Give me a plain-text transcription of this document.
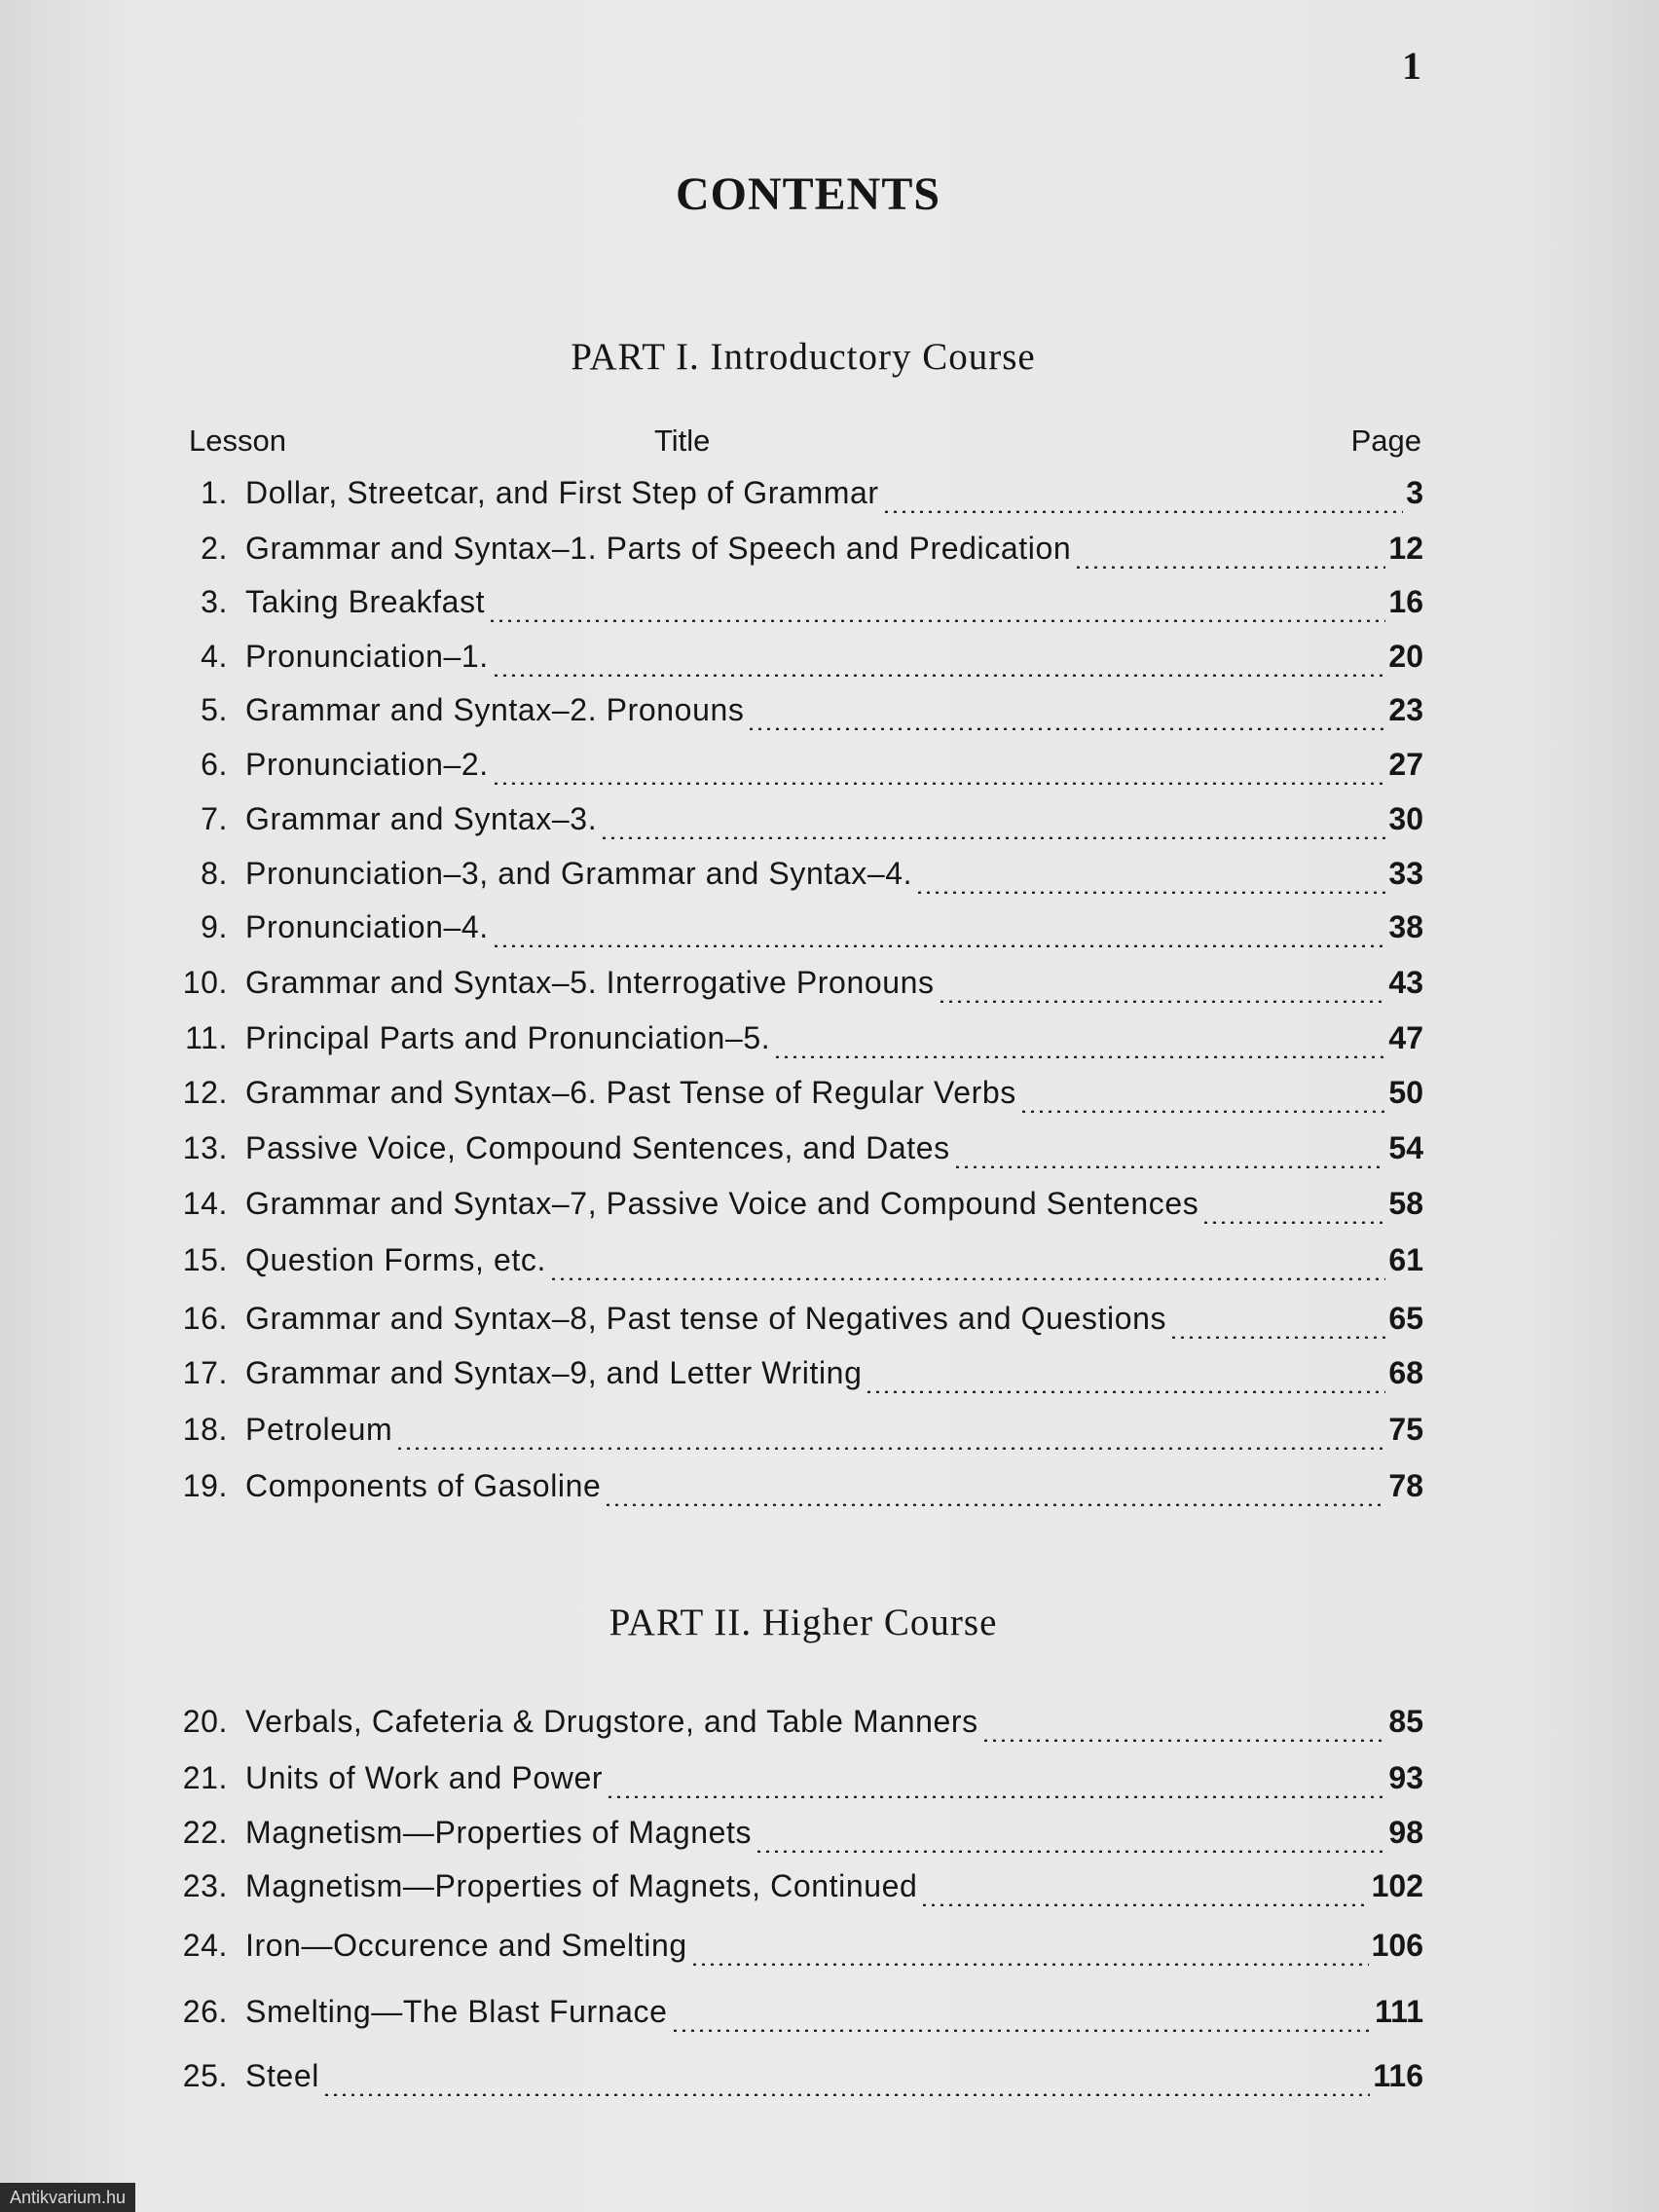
1
CONTENTS
PART I. Introductory Course
Lesson	Title	Page
1. Dollar, Streetcar, and First Step of Grammar	3
2. Grammar and Syntax–1. Parts of Speech and Predication	12
3. Taking Breakfast	16
4. Pronunciation–1.	20
5. Grammar and Syntax–2. Pronouns	23
6. Pronunciation–2.	27
7. Grammar and Syntax–3.	30
8. Pronunciation–3, and Grammar and Syntax–4.	33
9. Pronunciation–4.	38
10. Grammar and Syntax–5. Interrogative Pronouns	43
11. Principal Parts and Pronunciation–5.	47
12. Grammar and Syntax–6. Past Tense of Regular Verbs	50
13. Passive Voice, Compound Sentences, and Dates	54
14. Grammar and Syntax–7, Passive Voice and Compound Sentences	58
15. Question Forms, etc.	61
16. Grammar and Syntax–8, Past tense of Negatives and Questions	65
17. Grammar and Syntax–9, and Letter Writing	68
18. Petroleum	75
19. Components of Gasoline	78
PART II. Higher Course
20. Verbals, Cafeteria & Drugstore, and Table Manners	85
21. Units of Work and Power	93
22. Magnetism—Properties of Magnets	98
23. Magnetism—Properties of Magnets, Continued	102
24. Iron—Occurence and Smelting	106
26. Smelting—The Blast Furnace	111
25. Steel	116
Antikvarium.hu
